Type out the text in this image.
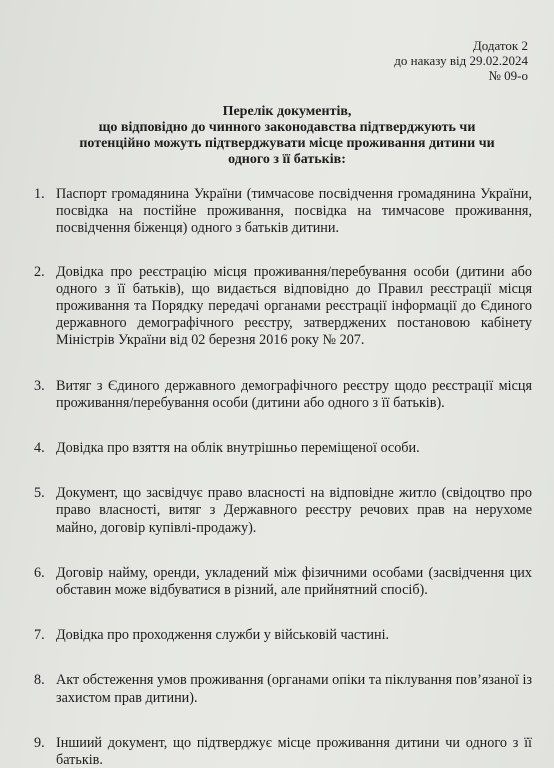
Додаток 2
до наказу від 29.02.2024
№ 09-о
Перелік документів,
що відповідно до чинного законодавства підтверджують чи
потенційно можуть підтверджувати місце проживання дитини чи
одного з її батьків:
1. Паспорт громадянина України (тимчасове посвідчення громадянина України, посвідка на постійне проживання, посвідка на тимчасове проживання, посвідчення біженця) одного з батьків дитини.
2. Довідка про реєстрацію місця проживання/перебування особи (дитини або одного з її батьків), що видається відповідно до Правил реєстрації місця проживання та Порядку передачі органами реєстрації інформації до Єдиного державного демографічного реєстру, затверджених постановою кабінету Міністрів України від 02 березня 2016 року № 207.
3. Витяг з Єдиного державного демографічного реєстру щодо реєстрації місця проживання/перебування особи (дитини або одного з її батьків).
4. Довідка про взяття на облік внутрішньо переміщеної особи.
5. Документ, що засвідчує право власності на відповідне житло (свідоцтво про право власності, витяг з Державного реєстру речових прав на нерухоме майно, договір купівлі-продажу).
6. Договір найму, оренди, укладений між фізичними особами (засвідчення цих обставин може відбуватися в різний, але прийнятний спосіб).
7. Довідка про проходження служби у військовій частині.
8. Акт обстеження умов проживання (органами опіки та піклування пов’язаної із захистом прав дитини).
9. Іншиий документ, що підтверджує місце проживання дитини чи одного з її батьків.
